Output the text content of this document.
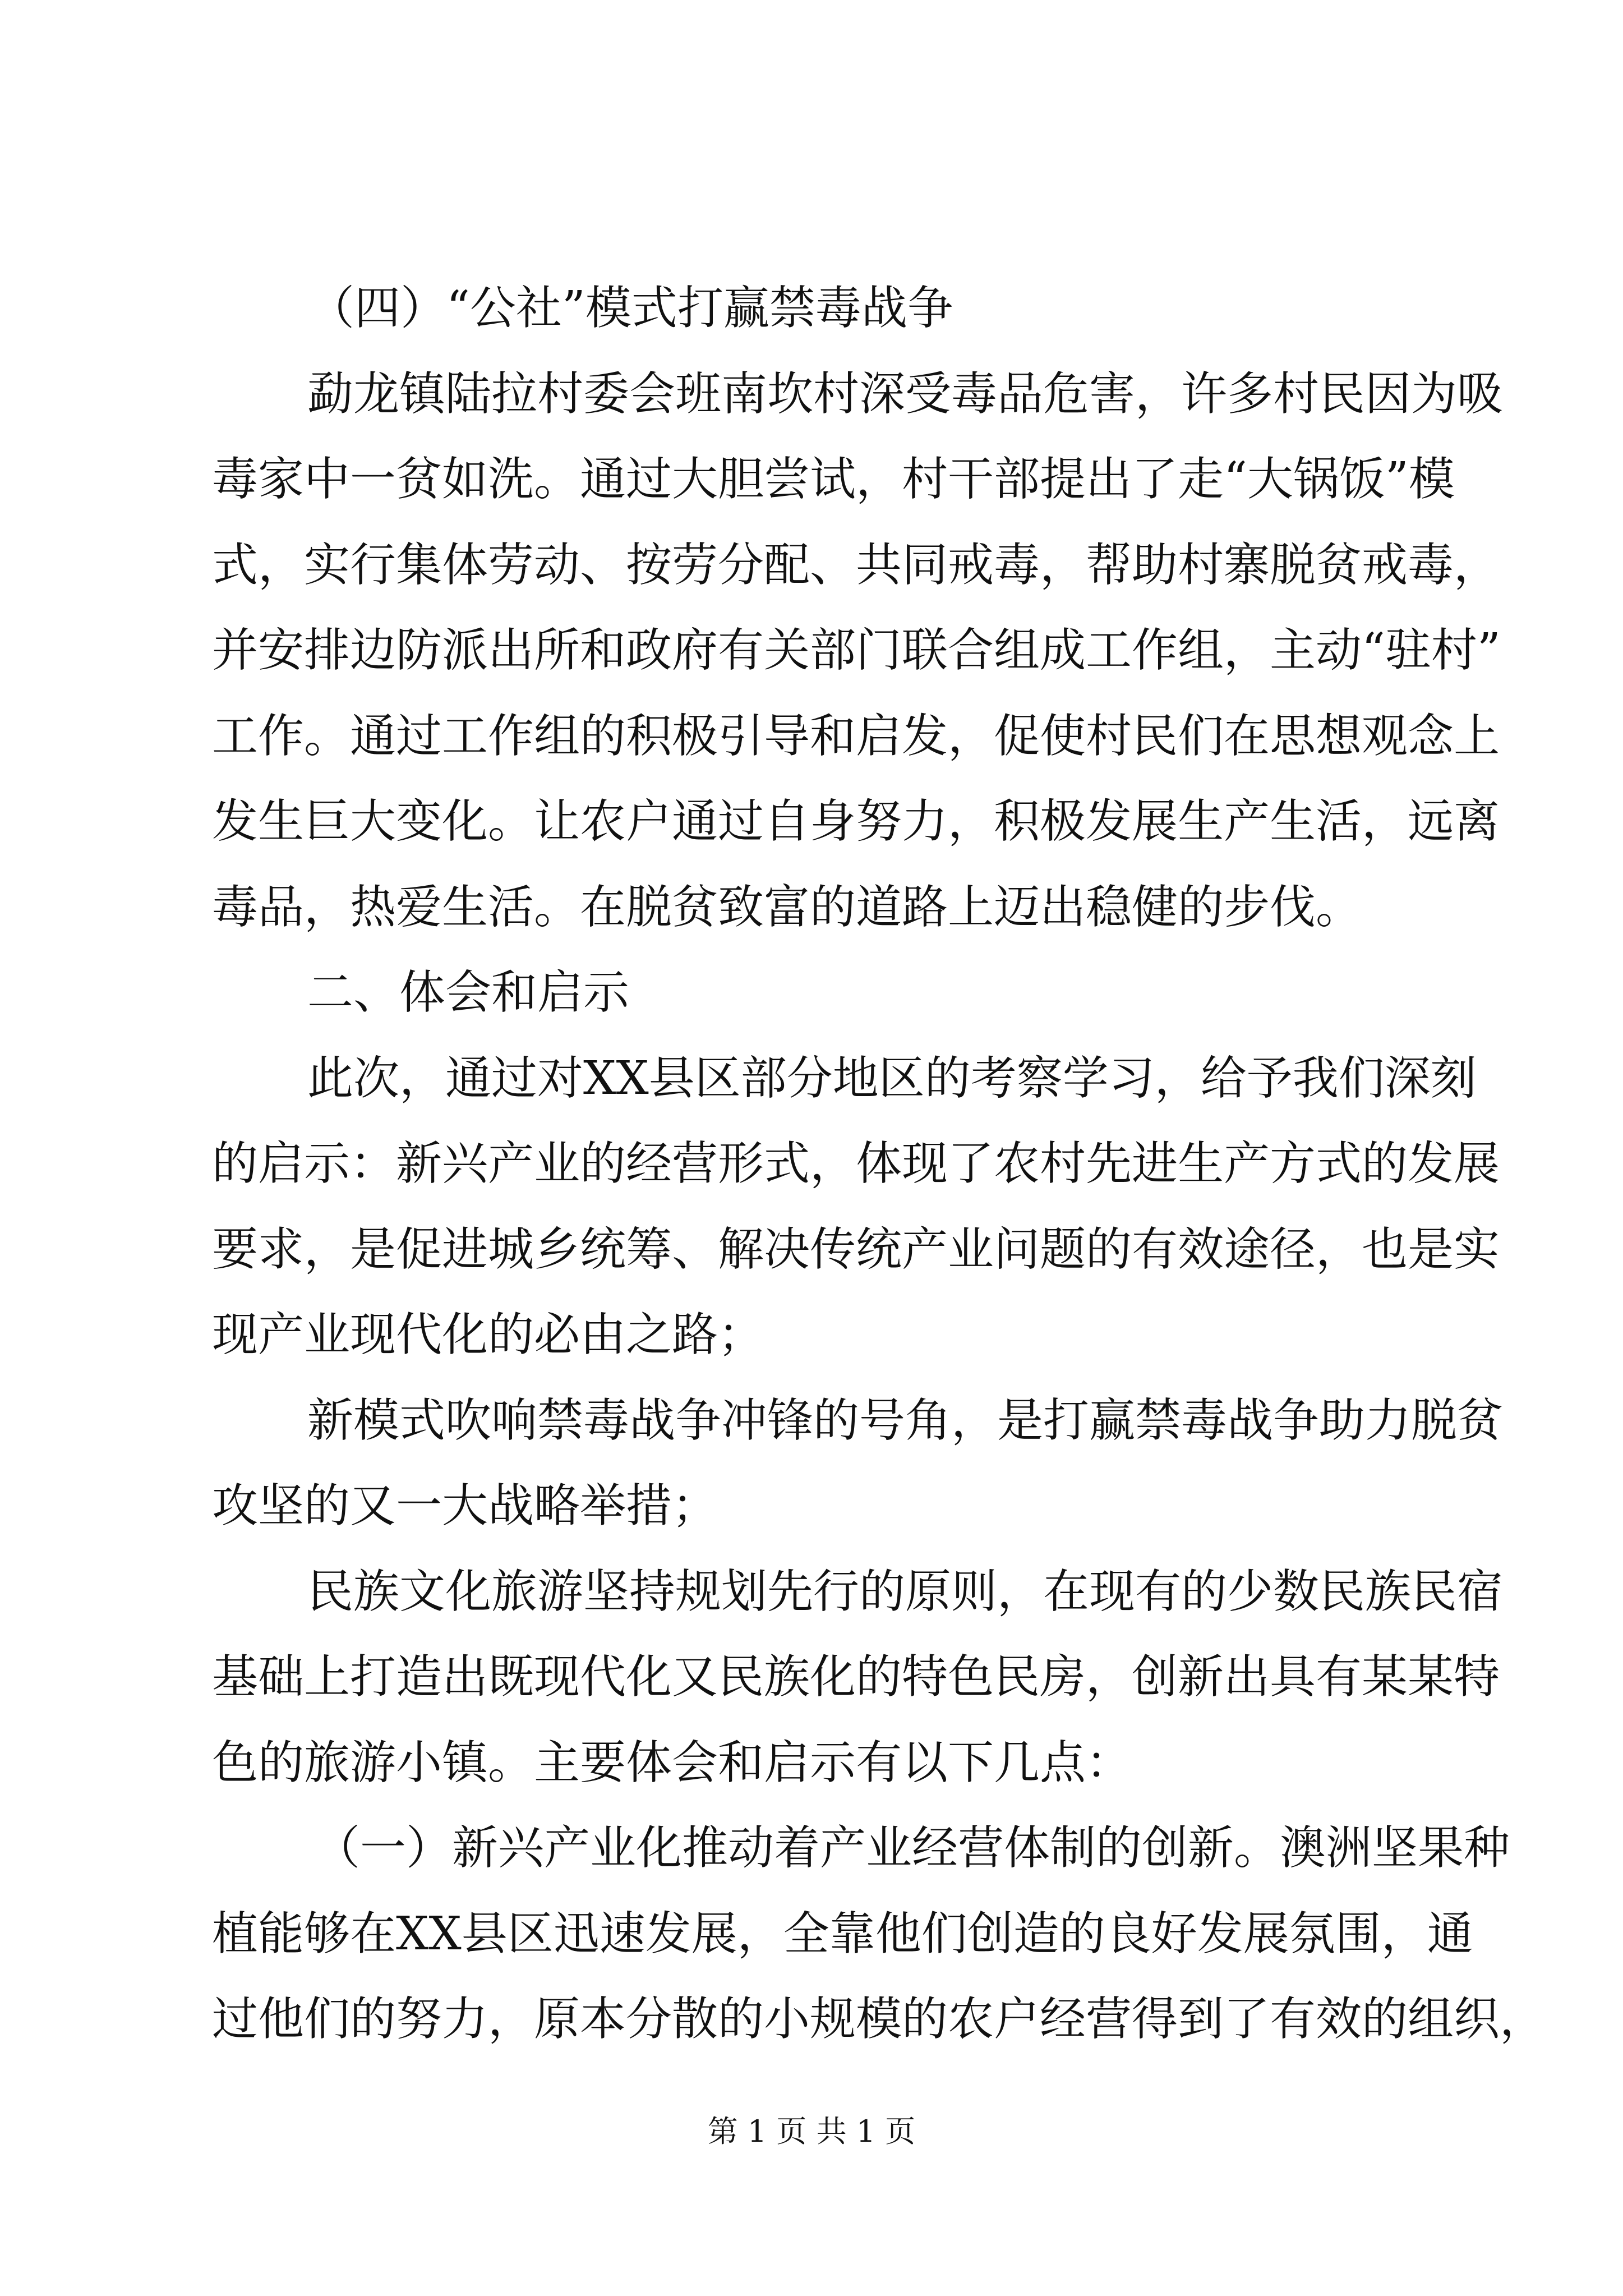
（四）“公社”模式打赢禁毒战争

勐龙镇陆拉村委会班南坎村深受毒品危害，许多村民因为吸

毒家中一贫如洗。通过大胆尝试，村干部提出了走“大锅饭”模

式，实行集体劳动、按劳分配、共同戒毒，帮助村寨脱贫戒毒，

并安排边防派出所和政府有关部门联合组成工作组，主动“驻村”

工作。通过工作组的积极引导和启发，促使村民们在思想观念上

发生巨大变化。让农户通过自身努力，积极发展生产生活，远离

毒品，热爱生活。在脱贫致富的道路上迈出稳健的步伐。

二、体会和启示

此次，通过对XX县区部分地区的考察学习，给予我们深刻

的启示：新兴产业的经营形式，体现了农村先进生产方式的发展

要求，是促进城乡统筹、解决传统产业问题的有效途径，也是实

现产业现代化的必由之路；

新模式吹响禁毒战争冲锋的号角，是打赢禁毒战争助力脱贫

攻坚的又一大战略举措；

民族文化旅游坚持规划先行的原则，在现有的少数民族民宿

基础上打造出既现代化又民族化的特色民房，创新出具有某某特

色的旅游小镇。主要体会和启示有以下几点：

（一）新兴产业化推动着产业经营体制的创新。澳洲坚果种

植能够在XX县区迅速发展，全靠他们创造的良好发展氛围，通

过他们的努力，原本分散的小规模的农户经营得到了有效的组织，

第 1 页 共 1 页
